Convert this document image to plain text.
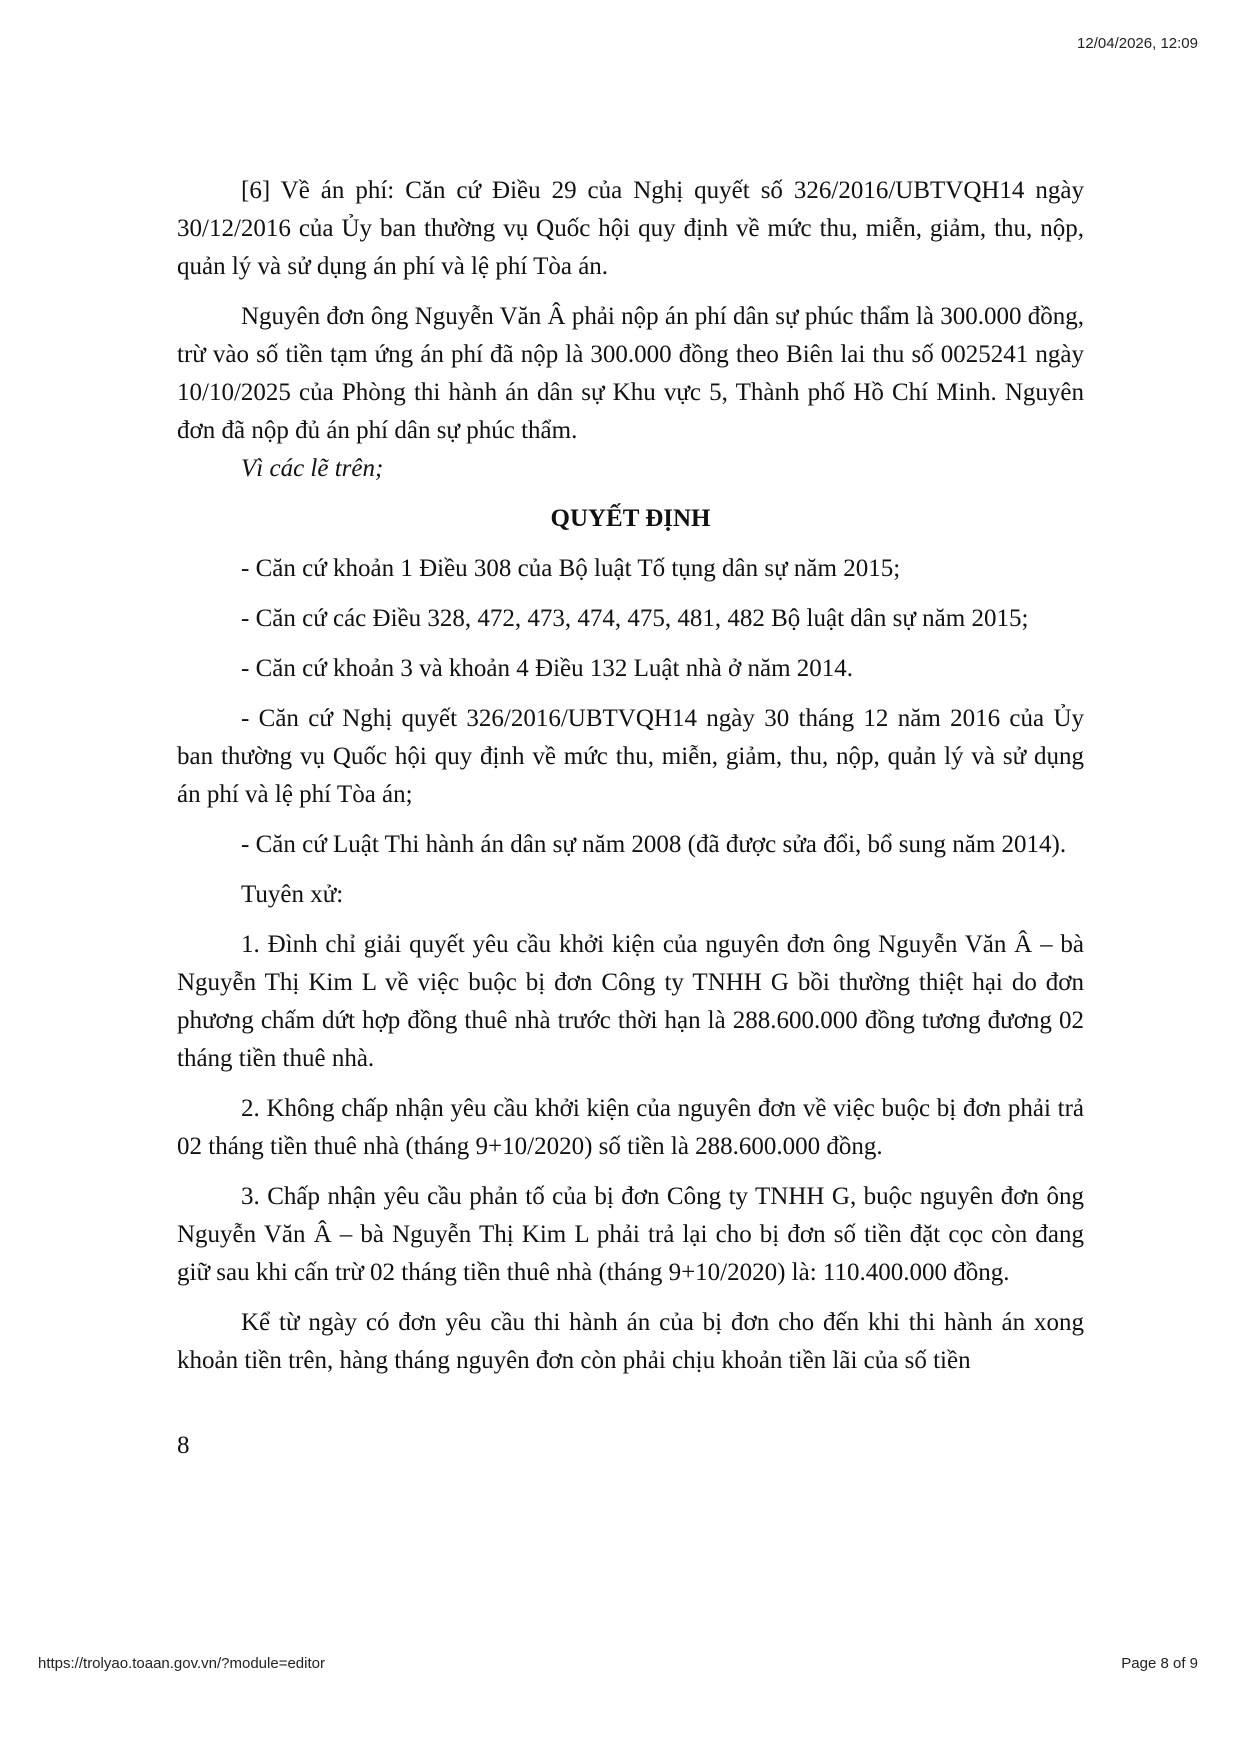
12/04/2026, 12:09

[6] Về án phí: Căn cứ Điều 29 của Nghị quyết số 326/2016/UBTVQH14 ngày 30/12/2016 của Ủy ban thường vụ Quốc hội quy định về mức thu, miễn, giảm, thu, nộp, quản lý và sử dụng án phí và lệ phí Tòa án.

Nguyên đơn ông Nguyễn Văn Â phải nộp án phí dân sự phúc thẩm là 300.000 đồng, trừ vào số tiền tạm ứng án phí đã nộp là 300.000 đồng theo Biên lai thu số 0025241 ngày 10/10/2025 của Phòng thi hành án dân sự Khu vực 5, Thành phố Hồ Chí Minh. Nguyên đơn đã nộp đủ án phí dân sự phúc thẩm.

Vì các lẽ trên;

QUYẾT ĐỊNH

- Căn cứ khoản 1 Điều 308 của Bộ luật Tố tụng dân sự năm 2015;

- Căn cứ các Điều 328, 472, 473, 474, 475, 481, 482 Bộ luật dân sự năm 2015;

- Căn cứ khoản 3 và khoản 4 Điều 132 Luật nhà ở năm 2014.

- Căn cứ Nghị quyết 326/2016/UBTVQH14 ngày 30 tháng 12 năm 2016 của Ủy ban thường vụ Quốc hội quy định về mức thu, miễn, giảm, thu, nộp, quản lý và sử dụng án phí và lệ phí Tòa án;

- Căn cứ Luật Thi hành án dân sự năm 2008 (đã được sửa đổi, bổ sung năm 2014).

Tuyên xử:

1. Đình chỉ giải quyết yêu cầu khởi kiện của nguyên đơn ông Nguyễn Văn Â – bà Nguyễn Thị Kim L về việc buộc bị đơn Công ty TNHH G bồi thường thiệt hại do đơn phương chấm dứt hợp đồng thuê nhà trước thời hạn là 288.600.000 đồng tương đương 02 tháng tiền thuê nhà.

2. Không chấp nhận yêu cầu khởi kiện của nguyên đơn về việc buộc bị đơn phải trả 02 tháng tiền thuê nhà (tháng 9+10/2020) số tiền là 288.600.000 đồng.

3. Chấp nhận yêu cầu phản tố của bị đơn Công ty TNHH G, buộc nguyên đơn ông Nguyễn Văn Â – bà Nguyễn Thị Kim L phải trả lại cho bị đơn số tiền đặt cọc còn đang giữ sau khi cấn trừ 02 tháng tiền thuê nhà (tháng 9+10/2020) là: 110.400.000 đồng.

Kể từ ngày có đơn yêu cầu thi hành án của bị đơn cho đến khi thi hành án xong khoản tiền trên, hàng tháng nguyên đơn còn phải chịu khoản tiền lãi của số tiền

8
https://trolyao.toaan.gov.vn/?module=editor	Page 8 of 9
